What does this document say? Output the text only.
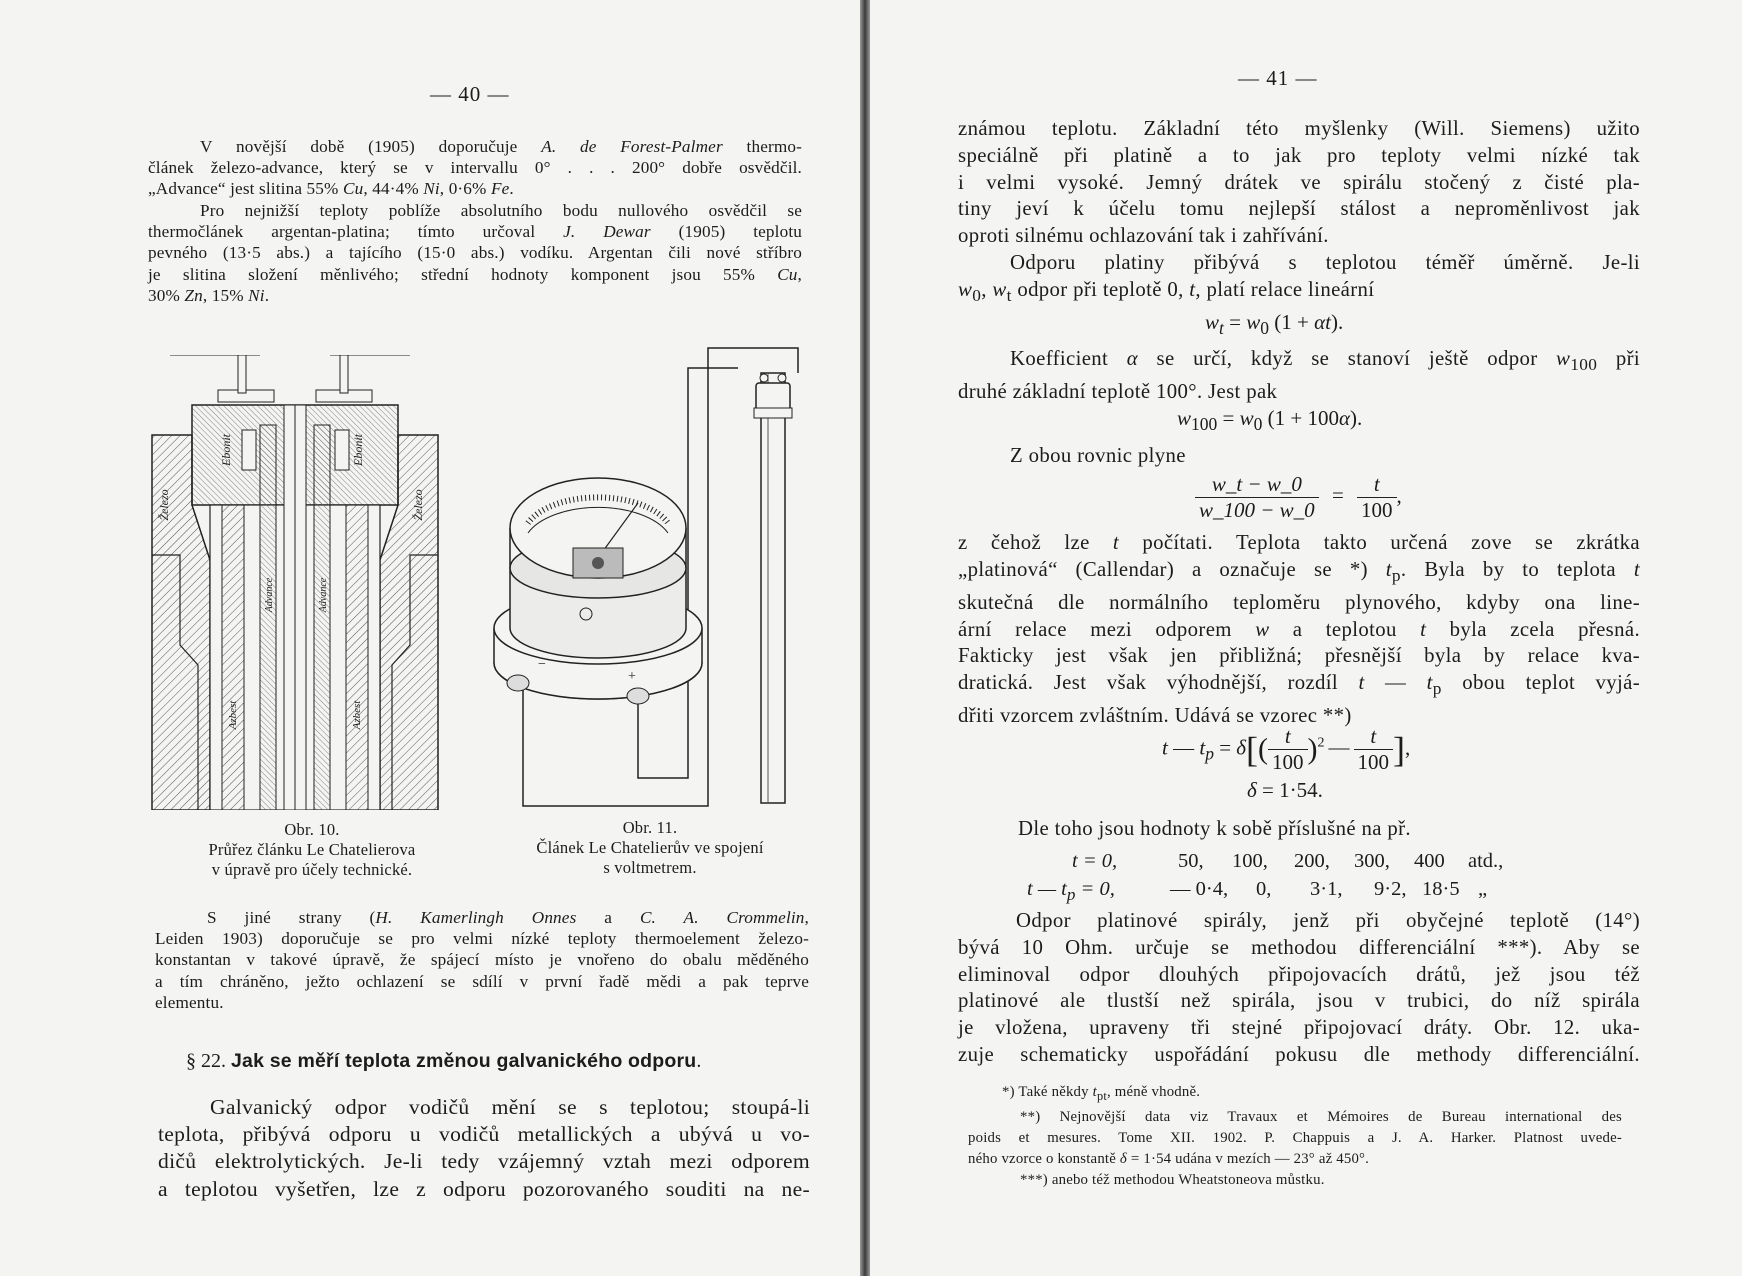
— 40 —
V novější době (1905) doporučuje A. de Forest-Palmer thermo-
článek železo-advance, který se v intervallu 0° . . . 200° dobře osvědčil.
„Advance“ jest slitina 55% Cu, 44·4% Ni, 0·6% Fe.
Pro nejnižší teploty poblíže absolutního bodu nullového osvědčil se
thermočlánek argentan-platina; tímto určoval J. Dewar (1905) teplotu
pevného (13·5 abs.) a tajícího (15·0 abs.) vodíku. Argentan čili nové stříbro
je slitina složení měnlivého; střední hodnoty komponent jsou 55% Cu,
30% Zn, 15% Ni.
Ebonit	Ebonit
Železo	Železo
Advance	Advance
Azbest	Azbest
−
+
Obr. 10.
Průřez článku Le Chatelierova
v úpravě pro účely technické.
Obr. 11.
Článek Le Chatelierův ve spojení
s voltmetrem.
S jiné strany (H. Kamerlingh Onnes a C. A. Crommelin,
Leiden 1903) doporučuje se pro velmi nízké teploty thermoelement železo-
konstantan v takové úpravě, že spájecí místo je vnořeno do obalu měděného
a tím chráněno, ježto ochlazení se sdílí v první řadě mědi a pak teprve
elementu.
§ 22. Jak se měří teplota změnou galvanického odporu.
Galvanický odpor vodičů mění se s teplotou; stoupá-li
teplota, přibývá odporu u vodičů metallických a ubývá u vo-
dičů elektrolytických. Je-li tedy vzájemný vztah mezi odporem
a teplotou vyšetřen, lze z odporu pozorovaného souditi na ne-
— 41 —
známou teplotu. Základní této myšlenky (Will. Siemens) užito
speciálně při platině a to jak pro teploty velmi nízké tak
i velmi vysoké. Jemný drátek ve spirálu stočený z čisté pla-
tiny jeví k účelu tomu nejlepší stálost a neproměnlivost jak
oproti silnému ochlazování tak i zahřívání.
Odporu platiny přibývá s teplotou téměř úměrně. Je-li
$w_0$, $w_t$ odpor při teplotě 0, t, platí relace lineární
$w_t = w_0$ (1 + αt).
Koefficient α se určí, když se stanoví ještě odpor $w_{100}$ při
druhé základní teplotě 100°. Jest pak
$w_{100} = w_0$ (1 + 100α).
Z obou rovnic plyne
$\frac{w\_t - w\_0}{w\_100 - w\_0} = \frac{t}{100}$ ,
z čehož lze t počítati. Teplota takto určená zove se zkrátka
„platinová“ (Callendar) a označuje se *) $t_p$. Byla by to teplota t
skutečná dle normálního teploměru plynového, kdyby ona line-
ární relace mezi odporem w a teplotou t byla zcela přesná.
Fakticky jest však jen přibližná; přesnější byla by relace kva-
dratická. Jest však výhodnější, rozdíl t — $t_p$ obou teplot vyjá-
dřiti vzorcem zvláštním. Udává se vzorec **)
t — $t_p = \delta[( \frac{t}{100} )^2$ — $\frac{t}{100}$ ],
δ = 1·54.
Dle toho jsou hodnoty k sobě příslušné na př.
t = 0,	50, 100, 200, 300, 400 atd.,
t — $t_p = 0$,	— 0·4, 0, 3·1, 9·2, 18·5 „
Odpor platinové spirály, jenž při obyčejné teplotě (14°)
bývá 10 Ohm. určuje se methodou differenciální ***). Aby se
eliminoval odpor dlouhých připojovacích drátů, jež jsou též
platinové ale tlustší než spirála, jsou v trubici, do níž spirála
je vložena, upraveny tři stejné připojovací dráty. Obr. 12. uka-
zuje schematicky uspořádání pokusu dle methody differenciální.
*) Také někdy $t_{pt}$, méně vhodně.
**) Nejnovější data viz Travaux et Mémoires de Bureau international des
poids et mesures. Tome XII. 1902. P. Chappuis a J. A. Harker. Platnost uvede-
ného vzorce o konstantě δ = 1·54 udána v mezích — 23° až 450°.
***) anebo též methodou Wheatstoneova můstku.
